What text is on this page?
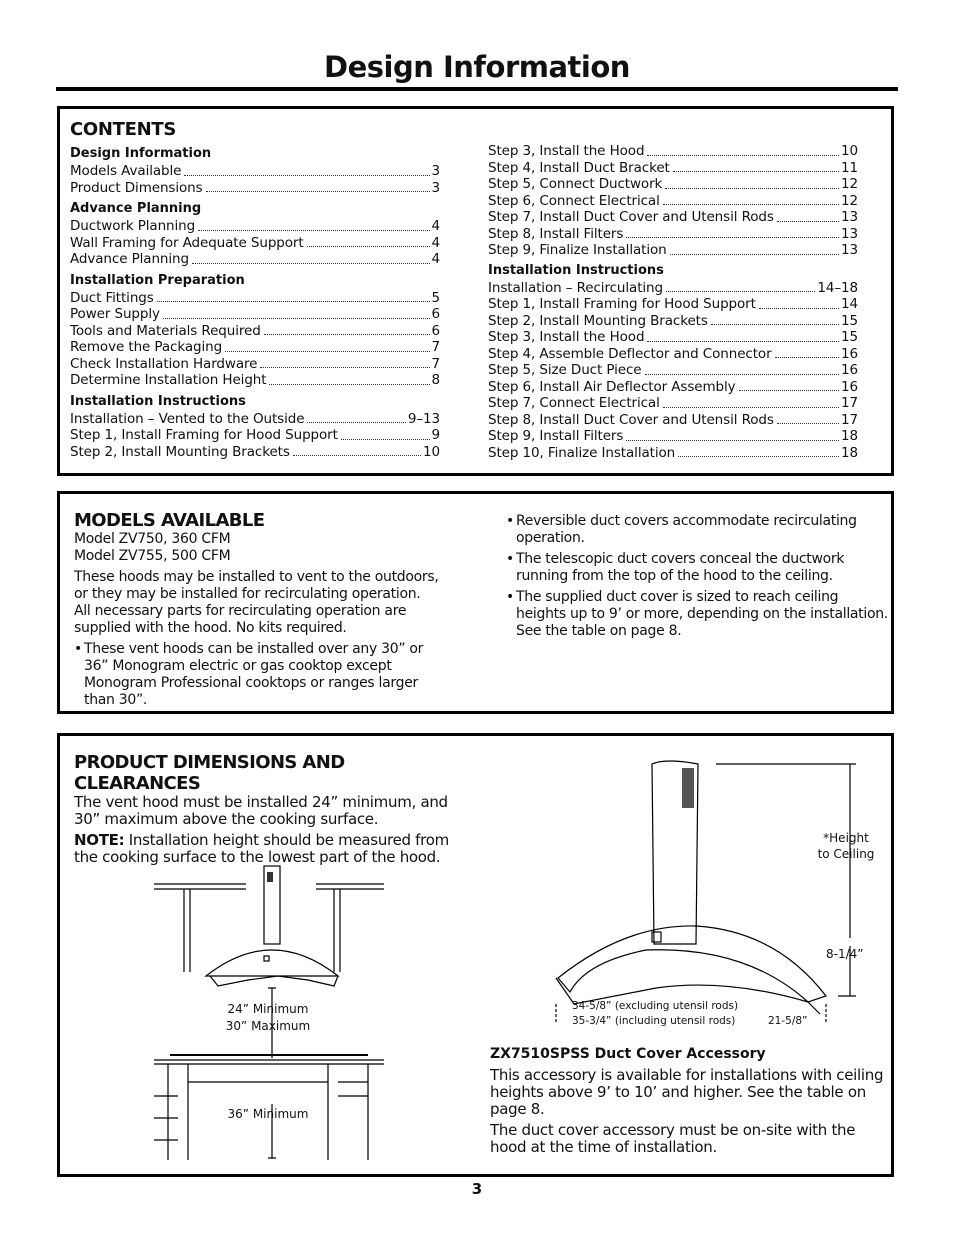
Design Information
CONTENTS
Design Information
Models Available	3
Product Dimensions	3
Advance Planning
Ductwork Planning	4
Wall Framing for Adequate Support	4
Advance Planning	4
Installation Preparation
Duct Fittings	5
Power Supply	6
Tools and Materials Required	6
Remove the Packaging	7
Check Installation Hardware	7
Determine Installation Height	8
Installation Instructions
Installation – Vented to the Outside	9–13
Step 1, Install Framing for Hood Support	9
Step 2, Install Mounting Brackets	10
Step 3, Install the Hood	10
Step 4, Install Duct Bracket	11
Step 5, Connect Ductwork	12
Step 6, Connect Electrical	12
Step 7, Install Duct Cover and Utensil Rods	13
Step 8, Install Filters	13
Step 9, Finalize Installation	13
Installation Instructions
Installation – Recirculating	14–18
Step 1, Install Framing for Hood Support	14
Step 2, Install Mounting Brackets	15
Step 3, Install the Hood	15
Step 4, Assemble Deflector and Connector	16
Step 5, Size Duct Piece	16
Step 6, Install Air Deflector Assembly	16
Step 7, Connect Electrical	17
Step 8, Install Duct Cover and Utensil Rods	17
Step 9, Install Filters	18
Step 10, Finalize Installation	18
MODELS AVAILABLE
Model ZV750, 360 CFM
Model ZV755, 500 CFM
These hoods may be installed to vent to the outdoors, or they may be installed for recirculating operation. All necessary parts for recirculating operation are supplied with the hood. No kits required.
• These vent hoods can be installed over any 30” or 36” Monogram electric or gas cooktop except Monogram Professional cooktops or ranges larger than 30”.
• Reversible duct covers accommodate recirculating operation.
• The telescopic duct covers conceal the ductwork running from the top of the hood to the ceiling.
• The supplied duct cover is sized to reach ceiling heights up to 9’ or more, depending on the installation. See the table on page 8.
PRODUCT DIMENSIONS AND CLEARANCES
The vent hood must be installed 24” minimum, and 30” maximum above the cooking surface.
NOTE: Installation height should be measured from the cooking surface to the lowest part of the hood.
24” Minimum
30” Maximum
36” Minimum
*Height
to Ceiling
8-1/4”
34-5/8” (excluding utensil rods)
35-3/4” (including utensil rods)	21-5/8”
ZX7510SPSS Duct Cover Accessory
This accessory is available for installations with ceiling heights above 9’ to 10’ and higher. See the table on page 8.
The duct cover accessory must be on-site with the hood at the time of installation.
3
